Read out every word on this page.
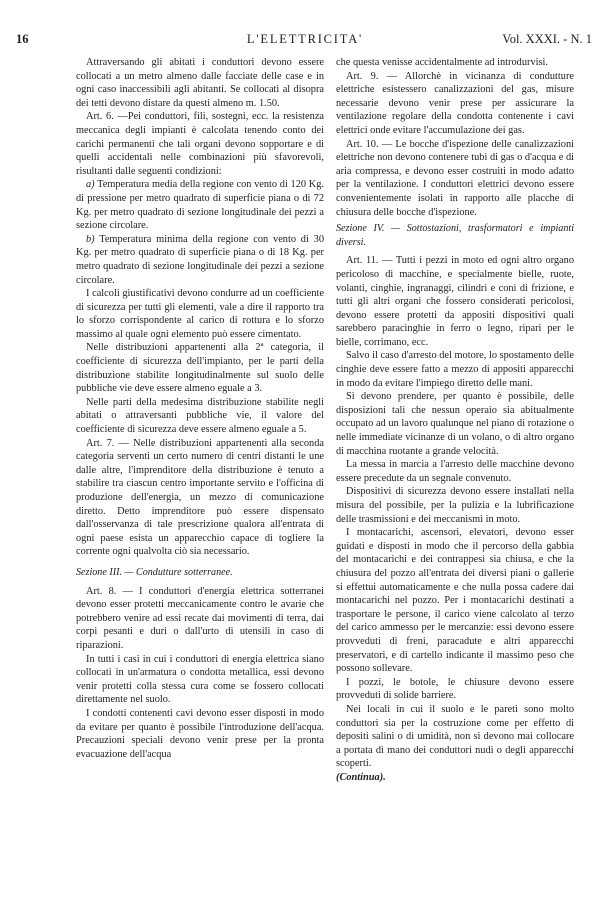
16	L'ELETTRICITA'	Vol. XXXI. - N. 1

Attraversando gli abitati i conduttori devono essere collocati a un metro almeno dalle facciate delle case e in ogni caso inaccessibili agli abitanti. Se collocati al disopra dei tetti devono distare da questi almeno m. 1.50.

Art. 6. —Pei conduttori, fili, sostegni, ecc. la resistenza meccanica degli impianti è calcolata tenendo conto dei carichi permanenti che tali organi devono sopportare e di quelli accidentali nelle combinazioni più sfavorevoli, risultanti dalle seguenti condizioni:

a) Temperatura media della regione con vento di 120 Kg. di pressione per metro quadrato di superficie piana o di 72 Kg. per metro quadrato di sezione longitudinale dei pezzi a sezione circolare.

b) Temperatura minima della regione con vento di 30 Kg. per metro quadrato di superficie piana o di 18 Kg. per metro quadrato di sezione longitudinale dei pezzi a sezione circolare.

I calcoli giustificativi devono condurre ad un coefficiente di sicurezza per tutti gli elementi, vale a dire il rapporto tra lo sforzo corrispondente al carico di rottura e lo sforzo massimo al quale ogni elemento può essere cimentato.

Nelle distribuzioni appartenenti alla 2ª categoria, il coefficiente di sicurezza dell'impianto, per le parti della distribuzione stabilite longitudinalmente sul suolo delle pubbliche vie deve essere almeno eguale a 3.

Nelle parti della medesima distribuzione stabilite negli abitati o attraversanti pubbliche vie, il valore del coefficiente di sicurezza deve essere almeno eguale a 5.

Art. 7. — Nelle distribuzioni appartenenti alla seconda categoria serventi un certo numero di centri distanti le une dalle altre, l'imprenditore della distribuzione è tenuto a stabilire tra ciascun centro importante servito e l'officina di produzione dell'energia, un mezzo di comunicazione diretto. Detto imprenditore può essere dispensato dall'osservanza di tale prescrizione qualora all'entrata di ogni paese esista un apparecchio capace di togliere la corrente ogni qualvolta ciò sia necessario.

Sezione III. — Condutture sotterranee.

Art. 8. — I conduttori d'energia elettrica sotterranei devono esser protetti meccanicamente contro le avarie che potrebbero venire ad essi recate dai movimenti di terra, dai corpi pesanti e duri o dall'urto di utensili in caso di riparazioni.

In tutti i casi in cui i conduttori di energia elettrica siano collocati in un'armatura o condotta metallica, essi devono venir protetti colla stessa cura come se fossero collocati direttamente nel suolo.

I condotti contenenti cavi devono esser disposti in modo da evitare per quanto è possibile l'introduzione dell'acqua. Precauzioni speciali devono venir prese per la pronta evacuazione dell'acqua

che questa venisse accidentalmente ad introdurvisi.

Art. 9. — Allorchè in vicinanza di condutture elettriche esistessero canalizzazioni del gas, misure necessarie devono venir prese per assicurare la ventilazione regolare della condotta contenente i cavi elettrici onde evitare l'accumulazione dei gas.

Art. 10. — Le bocche d'ispezione delle canalizzazioni elettriche non devono contenere tubi di gas o d'acqua e di aria compressa, e devono esser costruiti in modo adatto per la ventilazione. I conduttori elettrici devono essere convenientemente isolati in rapporto alle placche di chiusura delle bocche d'ispezione.

Sezione IV. — Sottostazioni, trasformatori e impianti diversi.

Art. 11. — Tutti i pezzi in moto ed ogni altro organo pericoloso di macchine, e specialmente bielle, ruote, volanti, cinghie, ingranaggi, cilindri e coni di frizione, e tutti gli altri organi che fossero considerati pericolosi, devono essere protetti da appositi dispositivi quali sarebbero paracinghie in ferro o legno, ripari per le bielle, corrimano, ecc.

Salvo il caso d'arresto del motore, lo spostamento delle cinghie deve essere fatto a mezzo di appositi apparecchi in modo da evitare l'impiego diretto delle mani.

Si devono prendere, per quanto è possibile, delle disposizioni tali che nessun operaio sia abitualmente occupato ad un lavoro qualunque nel piano di rotazione o nelle immediate vicinanze di un volano, o di altro organo di macchina ruotante a grande velocità.

La messa in marcia a l'arresto delle macchine devono essere precedute da un segnale convenuto.

Dispositivi di sicurezza devono essere installati nella misura del possibile, per la pulizia e la lubrificazione delle trasmissioni e dei meccanismi in moto.

I montacarichi, ascensori, elevatori, devono esser guidati e disposti in modo che il percorso della gabbia del montacarichi e dei contrappesi sia chiusa, e che la chiusura del pozzo all'entrata dei diversi piani o gallerie si effettui automaticamente e che nulla possa cadere dai montacarichi nel pozzo. Per i montacarichi destinati a trasportare le persone, il carico viene calcolato al terzo del carico ammesso per le mercanzie: essi devono essere provveduti di freni, paracadute e altri apparecchi preservatori, e di cartello indicante il massimo peso che possono sollevare.

I pozzi, le botole, le chiusure devono essere provveduti di solide barriere.

Nei locali in cui il suolo e le pareti sono molto conduttori sia per la costruzione come per effetto di depositi salini o di umidità, non si devono mai collocare a portata di mano dei conduttori nudi o degli apparecchi scoperti.

(Continua).
